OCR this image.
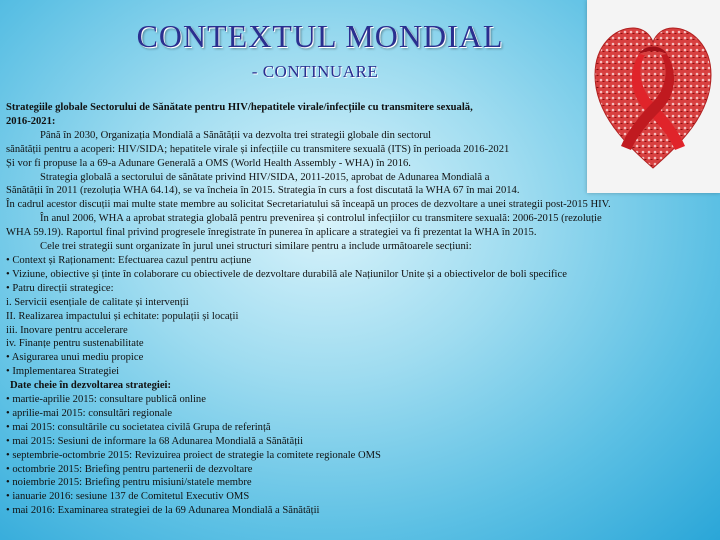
CONTEXTUL MONDIAL
- CONTINUARE
Strategiile globale Sectorului de Sănătate pentru HIV/hepatitele virale/infecțiile cu transmitere sexuală,
2016-2021:
Până în 2030, Organizația Mondială a Sănătății va dezvolta trei strategii globale din sectorul
sănătății pentru a acoperi: HIV/SIDA; hepatitele virale și infecțiile cu transmitere sexuală (ITS) în perioada 2016-2021
Și vor fi propuse la a 69-a Adunare Generală a OMS (World Health Assembly - WHA) în 2016.
Strategia globală a sectorului de sănătate privind HIV/SIDA, 2011-2015, aprobat de Adunarea Mondială a
Sănătății în 2011 (rezoluția WHA 64.14), se va încheia în 2015. Strategia în curs a fost discutată la WHA 67 în mai 2014.
În cadrul acestor discuții mai multe state membre au solicitat Secretariatului să înceapă un proces de dezvoltare a unei strategii post-2015 HIV.
În anul 2006, WHA a aprobat strategia globală pentru prevenirea și controlul infecțiilor cu transmitere sexuală: 2006-2015 (rezoluție
WHA 59.19). Raportul final privind progresele înregistrate în punerea în aplicare a strategiei va fi prezentat la WHA în 2015.
Cele trei strategii sunt organizate în jurul unei structuri similare pentru a include următoarele secțiuni:
• Context și Raționament: Efectuarea cazul pentru acțiune
• Viziune, obiective și ținte în colaborare cu obiectivele de dezvoltare durabilă ale Națiunilor Unite și a obiectivelor de boli specifice
• Patru direcții strategice:
i. Servicii esențiale de calitate și intervenții
II. Realizarea impactului și echitate: populații și locații
iii. Inovare pentru accelerare
iv. Finanțe pentru sustenabilitate
• Asigurarea unui mediu propice
• Implementarea Strategiei
Date cheie în dezvoltarea strategiei:
• martie-aprilie 2015: consultare publică online
• aprilie-mai 2015: consultări regionale
• mai 2015: consultările cu societatea civilă Grupa de referință
• mai 2015: Sesiuni de informare la 68 Adunarea Mondială a Sănătății
• septembrie-octombrie 2015: Revizuirea proiect de strategie la comitete regionale OMS
• octombrie 2015: Briefing pentru partenerii de dezvoltare
• noiembrie 2015: Briefing pentru misiuni/statele membre
• ianuarie 2016: sesiune 137 de Comitetul Executiv OMS
• mai 2016: Examinarea strategiei de la 69 Adunarea Mondială a Sănătății
